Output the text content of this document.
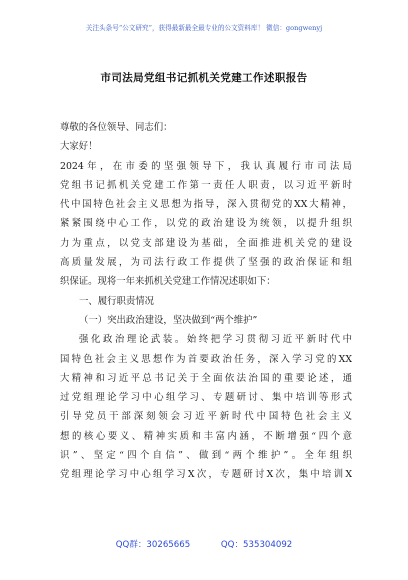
关注头条号“公文研究”，获得最新最全最专业的公文资料库！ 微信：gongwenyj
市司法局党组书记抓机关党建工作述职报告
尊敬的各位领导、同志们：
大家好！
2024年，在市委的坚强领导下，我认真履行市司法局
党组书记抓机关党建工作第一责任人职责，以习近平新时
代中国特色社会主义思想为指导，深入贯彻党的XX大精神，
紧紧围绕中心工作，以党的政治建设为统领，以提升组织
力为重点，以党支部建设为基础，全面推进机关党的建设
高质量发展，为司法行政工作提供了坚强的政治保证和组
织保证。现将一年来抓机关党建工作情况述职如下：
一、履行职责情况
（一）突出政治建设，坚决做到“两个维护”
强化政治理论武装。始终把学习贯彻习近平新时代中
国特色社会主义思想作为首要政治任务，深入学习党的XX
大精神和习近平总书记关于全面依法治国的重要论述，通
过党组理论学习中心组学习、专题研讨、集中培训等形式
引导党员干部深刻领会习近平新时代中国特色社会主义
想的核心要义、精神实质和丰富内涵，不断增强“四个意
识”、坚定“四个自信”、做到“两个维护”。全年组织
党组理论学习中心组学习X次，专题研讨X次，集中培训X
QQ群：30265665	QQ：535304092
